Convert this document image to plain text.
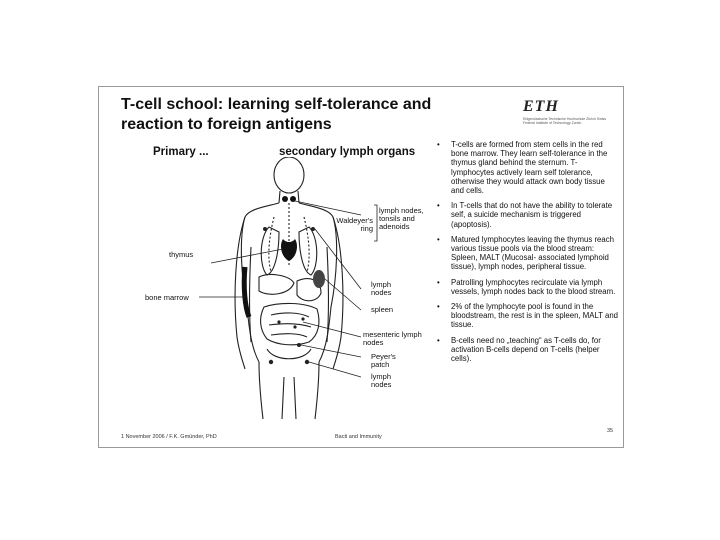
T-cell school: learning self-tolerance and reaction to foreign antigens
ETH
Eidgenössische Technische Hochschule Zürich Swiss Federal Institute of Technology Zurich
Primary ...	secondary lymph organs
thymus
bone marrow
Waldeyer's ring
lymph nodes, tonsils and adenoids
lymph nodes
spleen
mesenteric lymph nodes
Peyer's patch
lymph nodes
• T-cells are formed from stem cells in the red bone marrow. They learn self-tolerance in the thymus gland behind the sternum. T-lymphocytes actively learn self tolerance, otherwise they would attack own body tissue and cells.
• In T-cells that do not have the ability to tolerate self, a suicide mechanism is triggered (apoptosis).
• Matured lymphocytes leaving the thymus reach various tissue pools via the blood stream: Spleen, MALT (Mucosal- associated lymphoid tissue), lymph nodes, peripheral tissue.
• Patrolling lymphocytes recirculate via lymph vessels, lymph nodes back to the blood stream.
• 2% of the lymphocyte pool is found in the bloodstream, the rest is in the spleen, MALT and tissue.
• B-cells need no „teaching“ as T-cells do, for activation B-cells depend on T-cells (helper cells).
1 November 2006 / F.K. Gmünder, PhD	Bacti and Immunity
35
